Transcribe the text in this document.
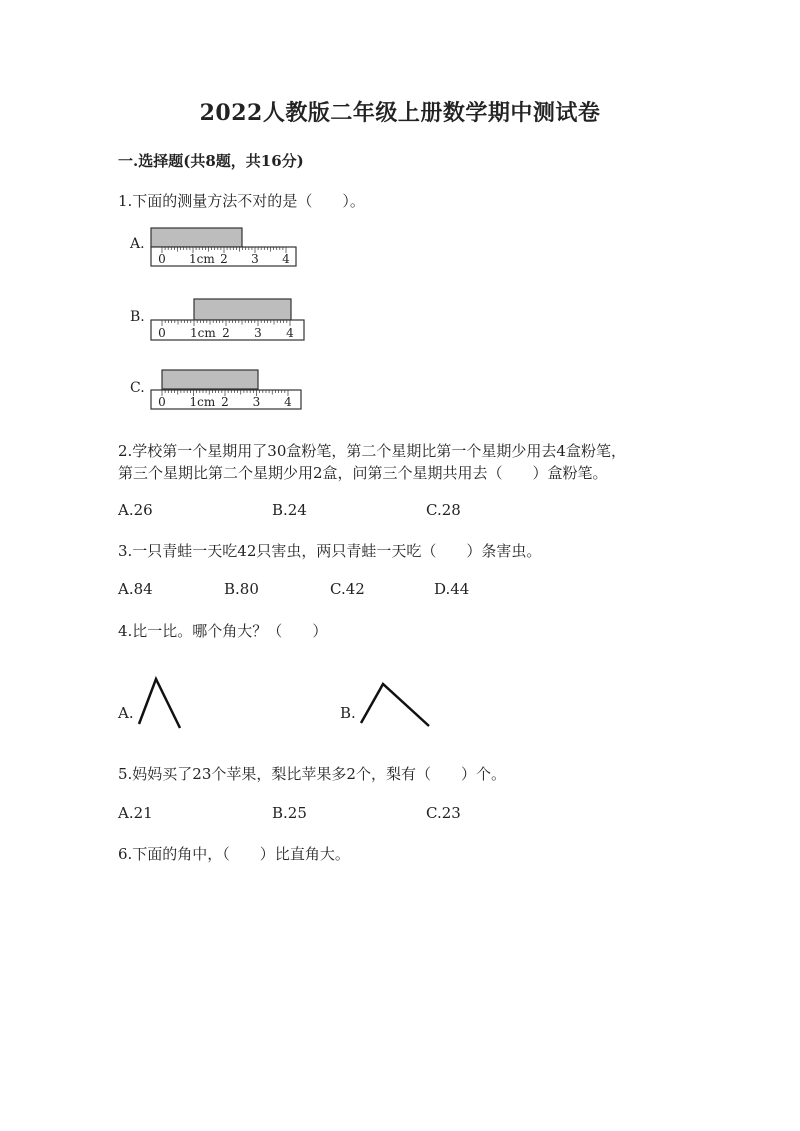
2022人教版二年级上册数学期中测试卷
一.选择题(共8题，共16分)
1.下面的测量方法不对的是（　　）。
A.
0 1cm 2 3 4
B.
0 1cm 2 3 4
C.
0 1cm 2 3 4
2.学校第一个星期用了30盒粉笔，第二个星期比第一个星期少用去4盒粉笔，
第三个星期比第二个星期少用2盒，问第三个星期共用去（　　）盒粉笔。
A.26	B.24	C.28
3.一只青蛙一天吃42只害虫，两只青蛙一天吃（　　）条害虫。
A.84	B.80	C.42	D.44
4.比一比。哪个角大？（　　）
A.	B.
5.妈妈买了23个苹果，梨比苹果多2个，梨有（　　）个。
A.21	B.25	C.23
6.下面的角中，（　　）比直角大。
